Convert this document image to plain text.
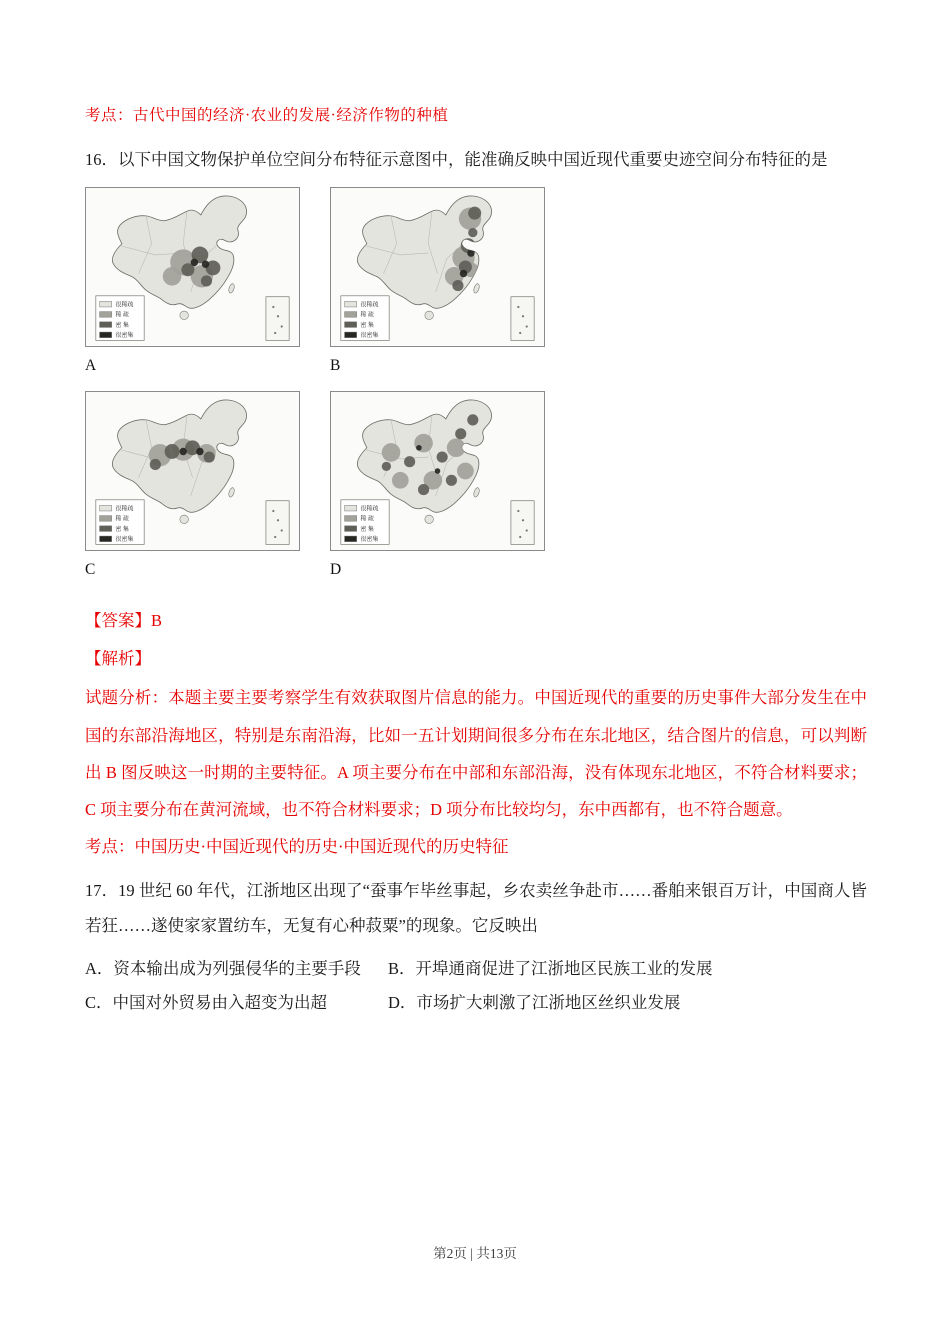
考点：古代中国的经济·农业的发展·经济作物的种植
16．以下中国文物保护单位空间分布特征示意图中，能准确反映中国近现代重要史迹空间分布特征的是
很稀疏
稀 疏
密 集
很密集
A
很稀疏
稀 疏
密 集
很密集
B
很稀疏
稀 疏
密 集
很密集
C
很稀疏
稀 疏
密 集
很密集
D
【答案】B
【解析】
试题分析：本题主要主要考察学生有效获取图片信息的能力。中国近现代的重要的历史事件大部分发生在中国的东部沿海地区，特别是东南沿海，比如一五计划期间很多分布在东北地区，结合图片的信息，可以判断出 B 图反映这一时期的主要特征。A 项主要分布在中部和东部沿海，没有体现东北地区，不符合材料要求；C 项主要分布在黄河流域，也不符合材料要求；D 项分布比较均匀，东中西都有，也不符合题意。
考点：中国历史·中国近现代的历史·中国近现代的历史特征
17．19 世纪 60 年代，江浙地区出现了“蚕事乍毕丝事起，乡农卖丝争赴市……番舶来银百万计，中国商人皆若狂……遂使家家置纺车，无复有心种菽粟”的现象。它反映出
A．资本输出成为列强侵华的主要手段	B．开埠通商促进了江浙地区民族工业的发展
C．中国对外贸易由入超变为出超	D．市场扩大刺激了江浙地区丝织业发展
第2页 | 共13页
